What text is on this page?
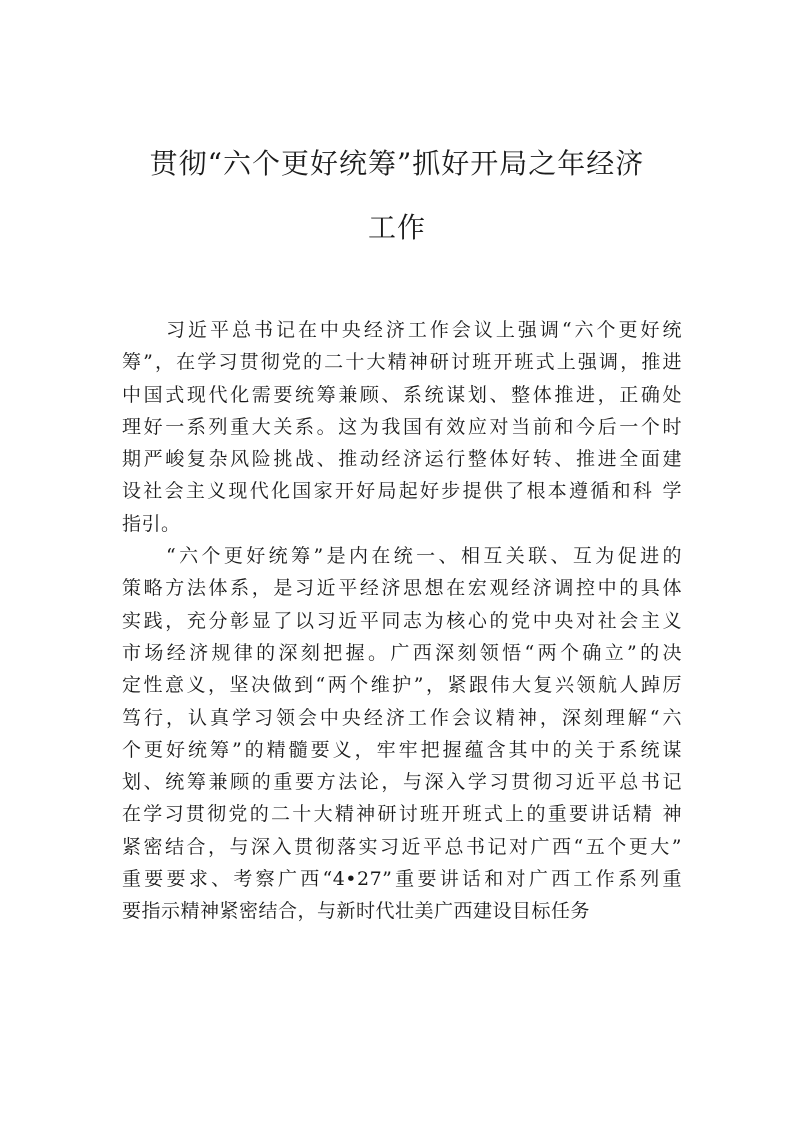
贯彻“六个更好统筹”抓好开局之年经济
工作
习近平总书记在中央经济工作会议上强调“六个更好统
筹”，在学习贯彻党的二十大精神研讨班开班式上强调，推进
中国式现代化需要统筹兼顾、系统谋划、整体推进，正确处
理好一系列重大关系。这为我国有效应对当前和今后一个时
期严峻复杂风险挑战、推动经济运行整体好转、推进全面建
设社会主义现代化国家开好局起好步提供了根本遵循和科 学
指引。
“六个更好统筹”是内在统一、相互关联、互为促进的
策略方法体系，是习近平经济思想在宏观经济调控中的具体
实践，充分彰显了以习近平同志为核心的党中央对社会主义
市场经济规律的深刻把握。广西深刻领悟“两个确立”的决
定性意义，坚决做到“两个维护”，紧跟伟大复兴领航人踔厉
笃行，认真学习领会中央经济工作会议精神，深刻理解“六
个更好统筹”的精髓要义，牢牢把握蕴含其中的关于系统谋
划、统筹兼顾的重要方法论，与深入学习贯彻习近平总书记
在学习贯彻党的二十大精神研讨班开班式上的重要讲话精 神
紧密结合，与深入贯彻落实习近平总书记对广西“五个更大”
重要要求、考察广西“4•27”重要讲话和对广西工作系列重
要指示精神紧密结合，与新时代壮美广西建设目标任务
